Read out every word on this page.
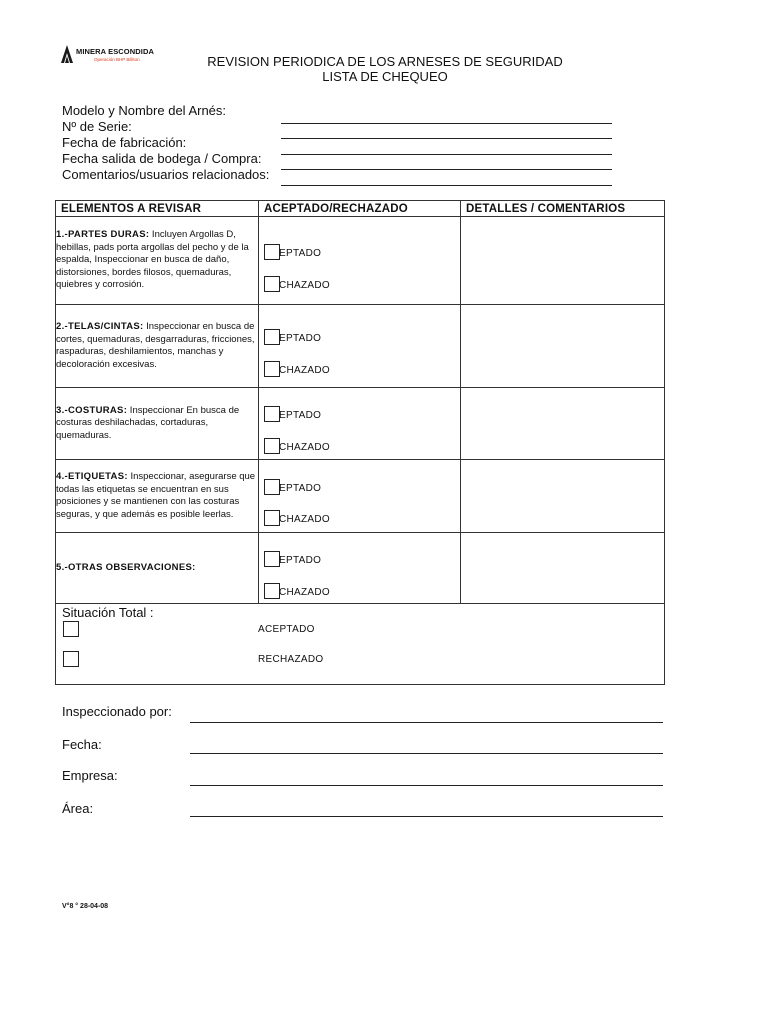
MINERA ESCONDIDA
Operación BHP Billiton	REVISION PERIODICA DE LOS ARNESES DE SEGURIDAD
LISTA DE CHEQUEO
Modelo y Nombre del Arnés:
Nº de Serie:
Fecha de fabricación:
Fecha salida de bodega / Compra:
Comentarios/usuarios relacionados:
ELEMENTOS A REVISAR	ACEPTADO/RECHAZADO	DETALLES / COMENTARIOS
1.-PARTES DURAS: Incluyen Argollas D, hebillas, pads porta argollas del pecho y de la espalda, Inspeccionar en busca de daño, distorsiones, bordes filosos, quemaduras, quiebres y corrosión.	EPTADO
CHAZADO	

2.-TELAS/CINTAS: Inspeccionar en busca de cortes, quemaduras, desgarraduras, fricciones, raspaduras, deshilamientos, manchas y decoloración excesivas.	EPTADO
CHAZADO	

3.-COSTURAS: Inspeccionar En busca de costuras deshilachadas, cortaduras, quemaduras.	EPTADO
CHAZADO	

4.-ETIQUETAS: Inspeccionar, asegurarse que todas las etiquetas se encuentran en sus posiciones y se mantienen con las costuras seguras, y que además es posible leerlas.	EPTADO
CHAZADO	

5.-OTRAS OBSERVACIONES:	EPTADO
CHAZADO	

Situación Total :
ACEPTADO
RECHAZADO		
Inspeccionado por:
Fecha:
Empresa:
Área:
V°8 ° 28-04-08
